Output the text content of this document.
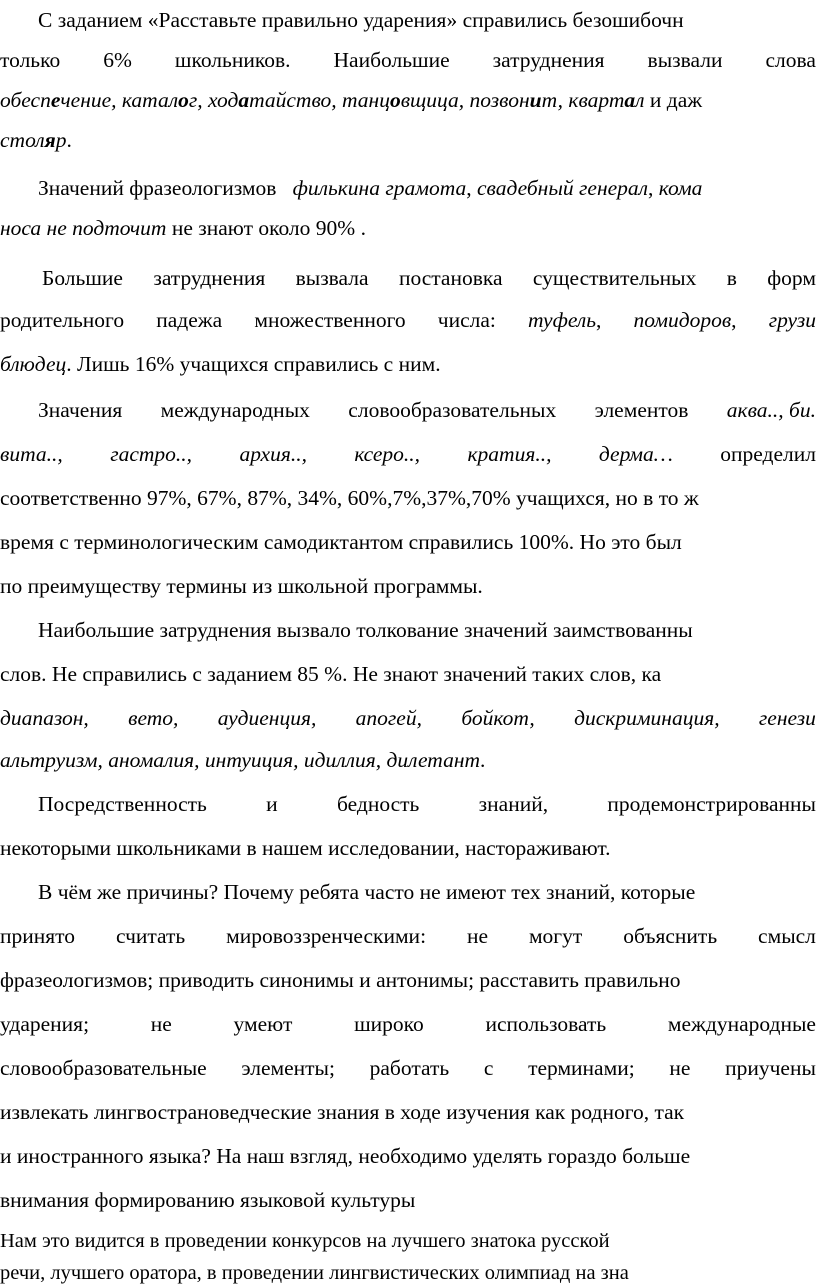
С заданием «Расставьте правильно ударения» справились безошибочн
только 6% школьников. Наибольшие затруднения вызвали слова
обеспечение, каталог, ходатайство, танцовщица, позвонит, квартал и даж
столяр.
Значений фразеологизмов филькина грамота, свадебный генерал, кома
носа не подточит не знают около 90% .
Большие затруднения вызвала постановка существительных в форм
родительного падежа множественного числа: туфель, помидоров, грузи
блюдец. Лишь 16% учащихся справились с ним.
Значения международных словообразовательных элементов аква.., би.
вита.., гастро.., архия.., ксеро.., кратия.., дерма… определил
соответственно 97%, 67%, 87%, 34%, 60%,7%,37%,70% учащихся, но в то ж
время с терминологическим самодиктантом справились 100%. Но это был
по преимуществу термины из школьной программы.
Наибольшие затруднения вызвало толкование значений заимствованны
слов. Не справились с заданием 85 %. Не знают значений таких слов, ка
диапазон, вето, аудиенция, апогей, бойкот, дискриминация, генези
альтруизм, аномалия, интуиция, идиллия, дилетант.
Посредственность	и	бедность	знаний,	продемонстрированны
некоторыми школьниками в нашем исследовании, настораживают.
В чём же причины? Почему ребята часто не имеют тех знаний, которые
принято считать мировоззренческими: не могут объяснить смысл
фразеологизмов; приводить синонимы и антонимы; расставить правильно
ударения;	не	умеют	широко	использовать	международные
словообразовательные элементы; работать с терминами; не приучены
извлекать лингвострановедческие знания в ходе изучения как родного, так
и иностранного языка? На наш взгляд, необходимо уделять гораздо больше
внимания формированию языковой культуры
Нам это видится в проведении конкурсов на лучшего знатока русской
речи, лучшего оратора, в проведении лингвистических олимпиад на зна
